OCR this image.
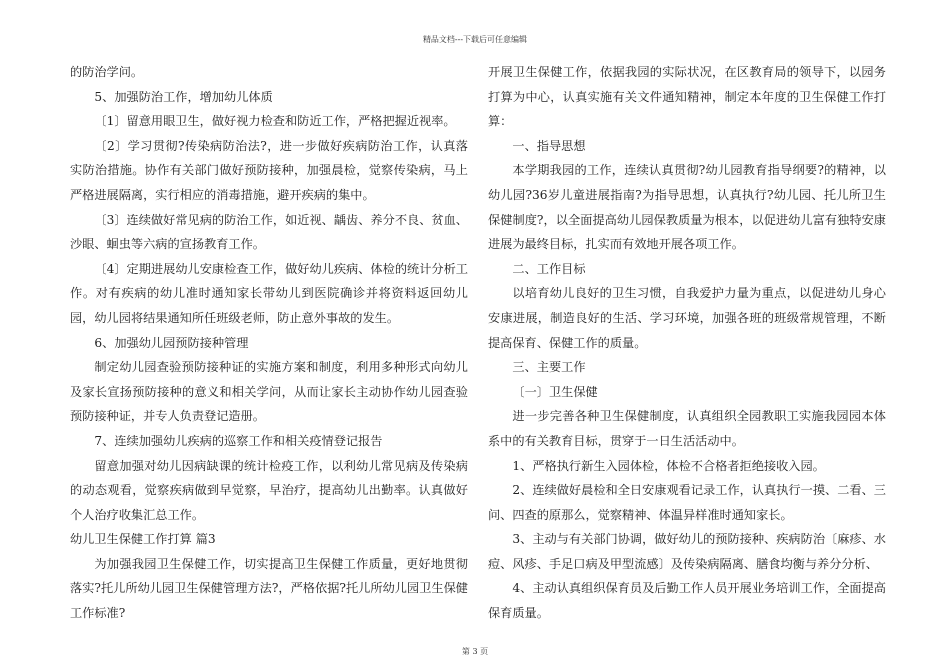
精品文档---下载后可任意编辑

的防治学问。

5、加强防治工作，增加幼儿体质

〔1〕留意用眼卫生，做好视力检查和防近工作，严格把握近视率。

〔2〕学习贯彻?传染病防治法?，进一步做好疾病防治工作，认真落实防治措施。协作有关部门做好预防接种，加强晨检，觉察传染病，马上严格进展隔离，实行相应的消毒措施，避开疾病的集中。

〔3〕连续做好常见病的防治工作，如近视、龋齿、养分不良、贫血、沙眼、蛔虫等六病的宣扬教育工作。

〔4〕定期进展幼儿安康检查工作，做好幼儿疾病、体检的统计分析工作。对有疾病的幼儿准时通知家长带幼儿到医院确诊并将资料返回幼儿园，幼儿园将结果通知所任班级老师，防止意外事故的发生。

6、加强幼儿园预防接种管理

制定幼儿园查验预防接种证的实施方案和制度，利用多种形式向幼儿及家长宣扬预防接种的意义和相关学问，从而让家长主动协作幼儿园查验预防接种证，并专人负责登记造册。

7、连续加强幼儿疾病的巡察工作和相关疫情登记报告

留意加强对幼儿因病缺课的统计检疫工作，以利幼儿常见病及传染病的动态观看，觉察疾病做到早觉察，早治疗，提高幼儿出勤率。认真做好个人治疗收集汇总工作。

幼儿卫生保健工作打算 篇3

为加强我园卫生保健工作，切实提高卫生保健工作质量，更好地贯彻落实?托儿所幼儿园卫生保健管理方法?，严格依据?托儿所幼儿园卫生保健工作标准?

开展卫生保健工作，依据我园的实际状况，在区教育局的领导下，以园务打算为中心，认真实施有关文件通知精神，制定本年度的卫生保健工作打算：

一、指导思想

本学期我园的工作，连续认真贯彻?幼儿园教育指导纲要?的精神，以幼儿园?36岁儿童进展指南?为指导思想，认真执行?幼儿园、托儿所卫生保健制度?，以全面提高幼儿园保教质量为根本，以促进幼儿富有独特安康进展为最终目标，扎实而有效地开展各项工作。

二、工作目标

以培育幼儿良好的卫生习惯，自我爱护力量为重点，以促进幼儿身心安康进展，制造良好的生活、学习环境，加强各班的班级常规管理，不断提高保育、保健工作的质量。

三、主要工作

〔一〕卫生保健

进一步完善各种卫生保健制度，认真组织全园教职工实施我园园本体系中的有关教育目标，贯穿于一日生活活动中。

1、严格执行新生入园体检，体检不合格者拒绝接收入园。

2、连续做好晨检和全日安康观看记录工作，认真执行一摸、二看、三问、四查的原那么，觉察精神、体温异样准时通知家长。

3、主动与有关部门协调，做好幼儿的预防接种、疾病防治〔麻疹、水痘、风疹、手足口病及甲型流感〕及传染病隔离、膳食均衡与养分分析、

4、主动认真组织保育员及后勤工作人员开展业务培训工作，全面提高保育质量。

第 3 页
